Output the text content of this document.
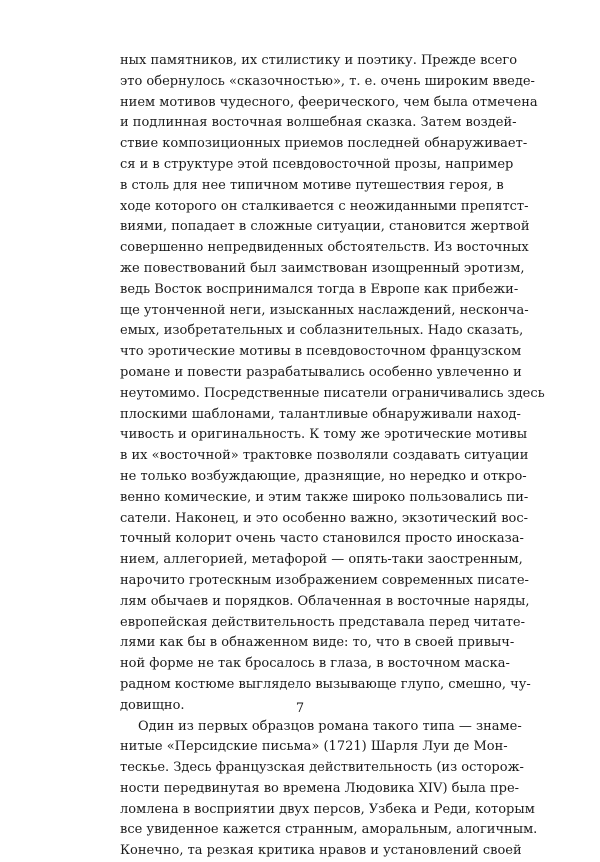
ных памятников, их стилистику и поэтику. Прежде всего
это обернулось «сказочностью», т. е. очень широким введе-
нием мотивов чудесного, феерического, чем была отмечена
и подлинная восточная волшебная сказка. Затем воздей-
ствие композиционных приемов последней обнаруживает-
ся и в структуре этой псевдовосточной прозы, например
в столь для нее типичном мотиве путешествия героя, в
ходе которого он сталкивается с неожиданными препятст-
виями, попадает в сложные ситуации, становится жертвой
совершенно непредвиденных обстоятельств. Из восточных
же повествований был заимствован изощренный эротизм,
ведь Восток воспринимался тогда в Европе как прибежи-
ще утонченной неги, изысканных наслаждений, нескончa-
емых, изобретательных и соблазнительных. Надо сказать,
что эротические мотивы в псевдовосточном французском
романе и повести разрабатывались особенно увлеченно и
неутомимо. Посредственные писатели ограничивались здесь
плоскими шаблонами, талантливые обнаруживали наход-
чивость и оригинальность. К тому же эротические мотивы
в их «восточной» трактовке позволяли создавать ситуации
не только возбуждающие, дразнящие, но нередко и откро-
венно комические, и этим также широко пользовались пи-
сатели. Наконец, и это особенно важно, экзотический вос-
точный колорит очень часто становился просто иносказа-
нием, аллегорией, метафорой — опять-таки заостренным,
нарочито гротескным изображением современных писате-
лям обычаев и порядков. Облаченная в восточные наряды,
европейская действительность представала перед читате-
лями как бы в обнаженном виде: то, что в своей привыч-
ной форме не так бросалось в глаза, в восточном маска-
радном костюме выглядело вызывающе глупо, смешно, чу-
довищно.
Один из первых образцов романа такого типа — знаме-
нитые «Персидские письма» (1721) Шарля Луи де Мон-
тескье. Здесь французская действительность (из осторож-
ности передвинутая во времена Людовика XIV) была пре-
ломлена в восприятии двух персов, Узбека и Реди, которым
все увиденное кажется странным, аморальным, алогичным.
Конечно, та резкая критика нравов и установлений своей
7
